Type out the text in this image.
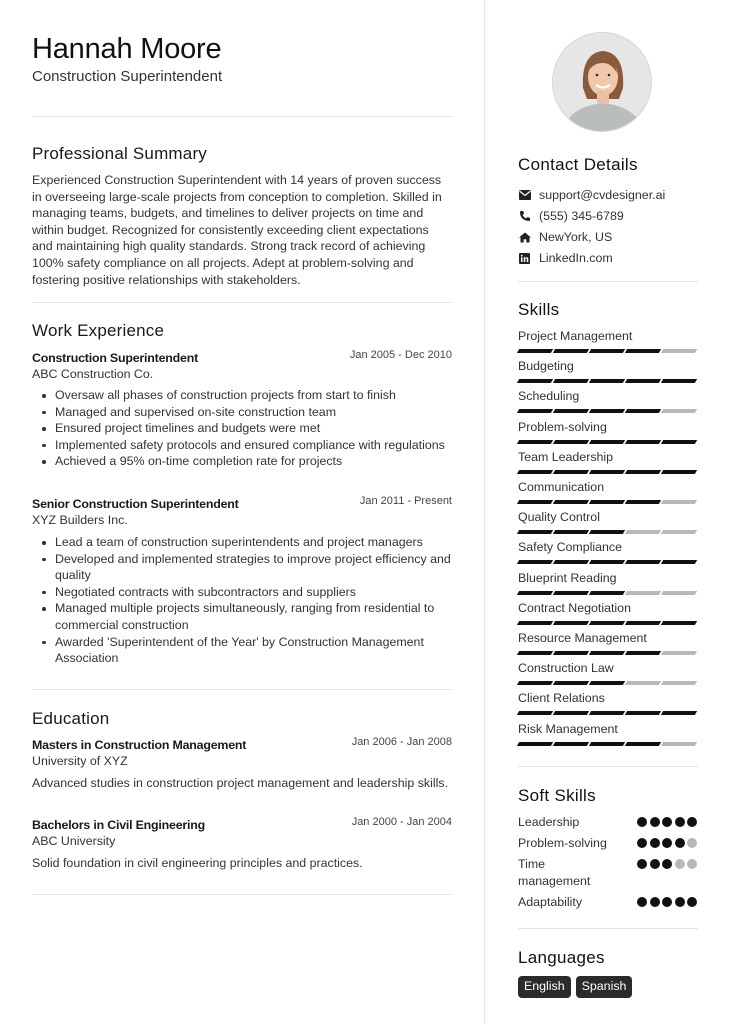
Hannah Moore
Construction Superintendent
Professional Summary
Experienced Construction Superintendent with 14 years of proven success in overseeing large-scale projects from conception to completion. Skilled in managing teams, budgets, and timelines to deliver projects on time and within budget. Recognized for consistently exceeding client expectations and maintaining high quality standards. Strong track record of achieving 100% safety compliance on all projects. Adept at problem-solving and fostering positive relationships with stakeholders.
Work Experience
Construction Superintendent	Jan 2005 - Dec 2010
ABC Construction Co.
Oversaw all phases of construction projects from start to finish
Managed and supervised on-site construction team
Ensured project timelines and budgets were met
Implemented safety protocols and ensured compliance with regulations
Achieved a 95% on-time completion rate for projects
Senior Construction Superintendent	Jan 2011 - Present
XYZ Builders Inc.
Lead a team of construction superintendents and project managers
Developed and implemented strategies to improve project efficiency and quality
Negotiated contracts with subcontractors and suppliers
Managed multiple projects simultaneously, ranging from residential to commercial construction
Awarded 'Superintendent of the Year' by Construction Management Association
Education
Masters in Construction Management	Jan 2006 - Jan 2008
University of XYZ
Advanced studies in construction project management and leadership skills.
Bachelors in Civil Engineering	Jan 2000 - Jan 2004
ABC University
Solid foundation in civil engineering principles and practices.
Contact Details
support@cvdesigner.ai
(555) 345-6789
NewYork, US
LinkedIn.com
Skills
Project Management
Budgeting
Scheduling
Problem-solving
Team Leadership
Communication
Quality Control
Safety Compliance
Blueprint Reading
Contract Negotiation
Resource Management
Construction Law
Client Relations
Risk Management
Soft Skills
Leadership
Problem-solving
Time management
Adaptability
Languages
English	Spanish
